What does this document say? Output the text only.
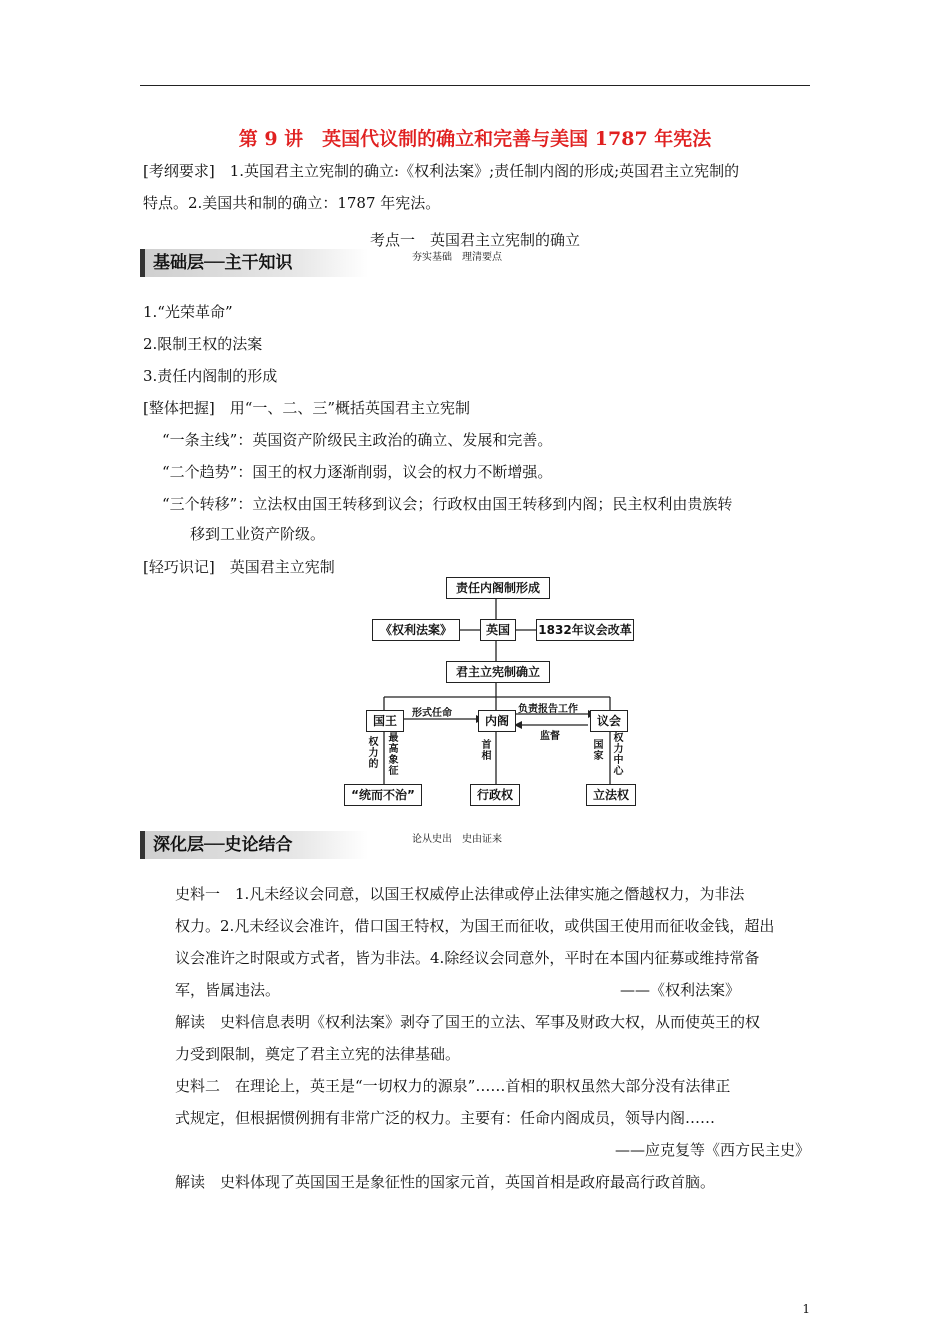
第 9 讲　英国代议制的确立和完善与美国 1787 年宪法
[考纲要求]　1.英国君主立宪制的确立:《权利法案》;责任制内阁的形成;英国君主立宪制的
特点。2.美国共和制的确立：1787 年宪法。
考点一　英国君主立宪制的确立
基础层──主干知识	夯实基础　理清要点
1.“光荣革命”
2.限制王权的法案
3.责任内阁制的形成
[整体把握]　用“一、二、三”概括英国君主立宪制
“一条主线”：英国资产阶级民主政治的确立、发展和完善。
“二个趋势”：国王的权力逐渐削弱，议会的权力不断增强。
“三个转移”：立法权由国王转移到议会；行政权由国王转移到内阁；民主权利由贵族转
移到工业资产阶级。
[轻巧识记]　英国君主立宪制
责任内阁制形成
《权利法案》	英国	1832年议会改革
君主立宪制确立
国王	内阁	议会
形式任命	负责报告工作
监督
权力的
最高象征
首相
国家
权力中心
“统而不治”	行政权	立法权
深化层──史论结合	论从史出　史由证来
史料一　1.凡未经议会同意，以国王权威停止法律或停止法律实施之僭越权力，为非法
权力。2.凡未经议会准许，借口国王特权，为国王而征收，或供国王使用而征收金钱，超出
议会准许之时限或方式者，皆为非法。4.除经议会同意外，平时在本国内征募或维持常备
军，皆属违法。	——《权利法案》
解读　史料信息表明《权利法案》剥夺了国王的立法、军事及财政大权，从而使英王的权
力受到限制，奠定了君主立宪的法律基础。
史料二　在理论上，英王是“一切权力的源泉”……首相的职权虽然大部分没有法律正
式规定，但根据惯例拥有非常广泛的权力。主要有：任命内阁成员，领导内阁……
——应克复等《西方民主史》
解读　史料体现了英国国王是象征性的国家元首，英国首相是政府最高行政首脑。
1
